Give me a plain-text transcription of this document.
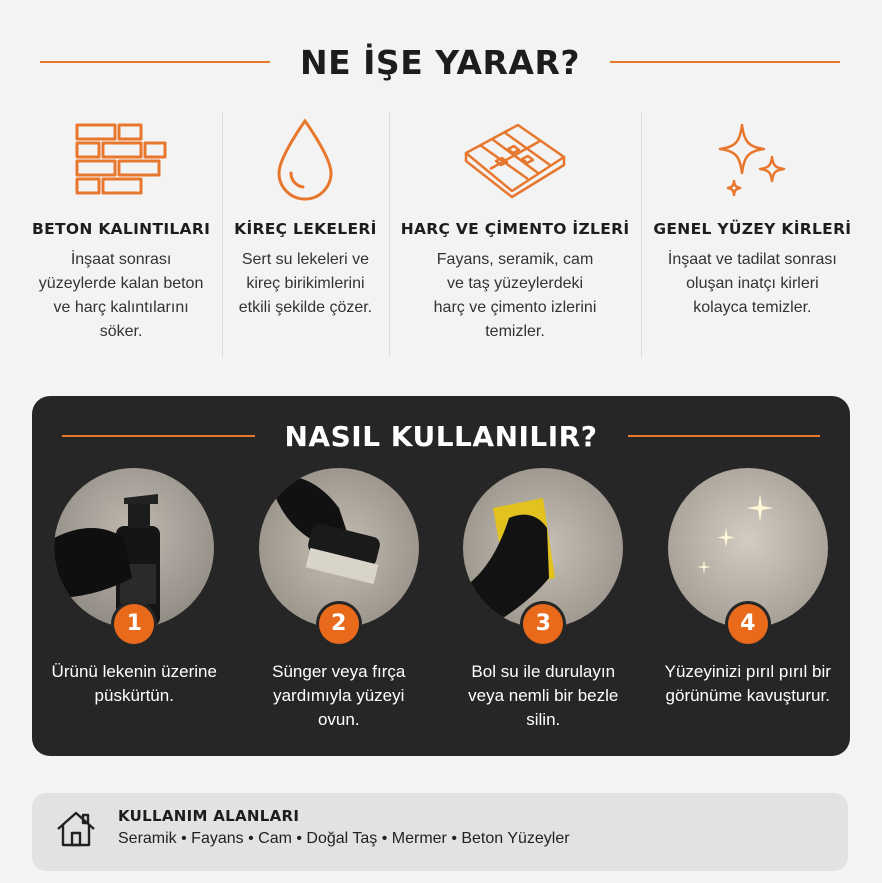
NE İŞE YARAR?
BETON KALINTILARI
İnşaat sonrası yüzeylerde kalan beton ve harç kalıntılarını söker.
KİREÇ LEKELERİ
Sert su lekeleri ve kireç birikimlerini etkili şekilde çözer.
HARÇ VE ÇİMENTO İZLERİ
Fayans, seramik, cam ve taş yüzeylerdeki harç ve çimento izlerini temizler.
GENEL YÜZEY KİRLERİ
İnşaat ve tadilat sonrası oluşan inatçı kirleri kolayca temizler.
NASIL KULLANILIR?
1
Ürünü lekenin üzerine püskürtün.
2
Sünger veya fırça yardımıyla yüzeyi ovun.
3
Bol su ile durulayın veya nemli bir bezle silin.
4
Yüzeyinizi pırıl pırıl bir görünüme kavuşturur.
KULLANIM ALANLARI
Seramik • Fayans • Cam • Doğal Taş • Mermer • Beton Yüzeyler
